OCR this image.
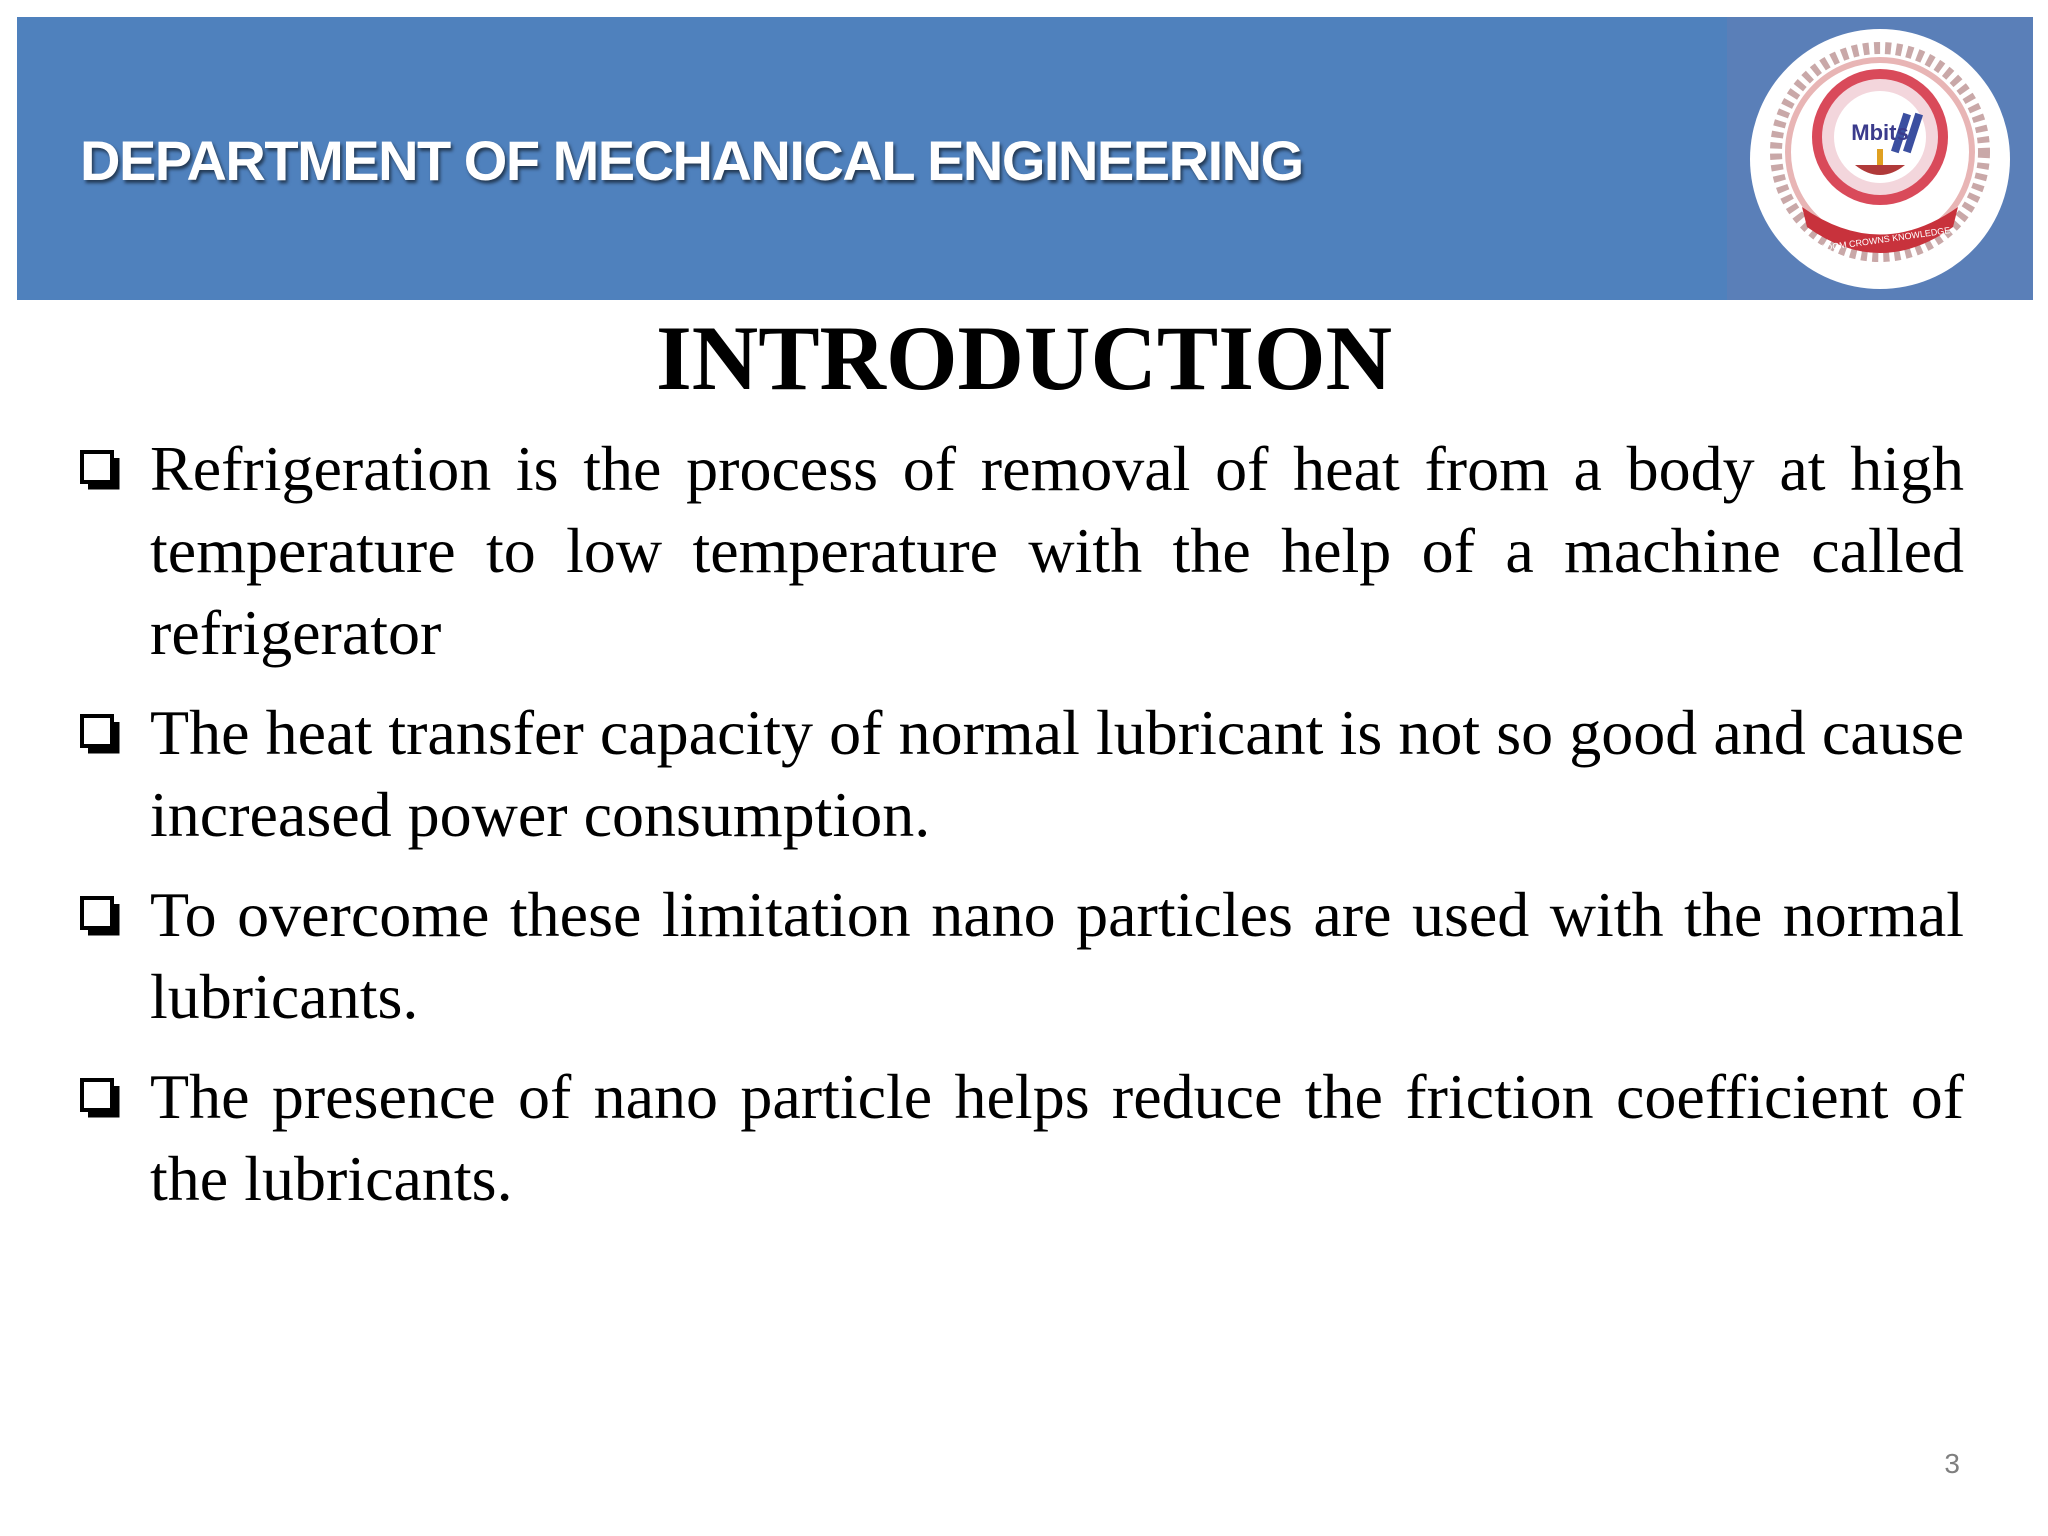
DEPARTMENT OF MECHANICAL ENGINEERING	Mbits
WISDOM CROWNS KNOWLEDGE
INTRODUCTION
Refrigeration is the process of removal of heat from a body at high temperature to low temperature with the help of a machine called refrigerator
The heat transfer capacity of normal lubricant is not so good and cause increased power consumption.
To overcome these limitation nano particles are used with the normal lubricants.
The presence of nano particle helps reduce the friction coefficient of the lubricants.
3
